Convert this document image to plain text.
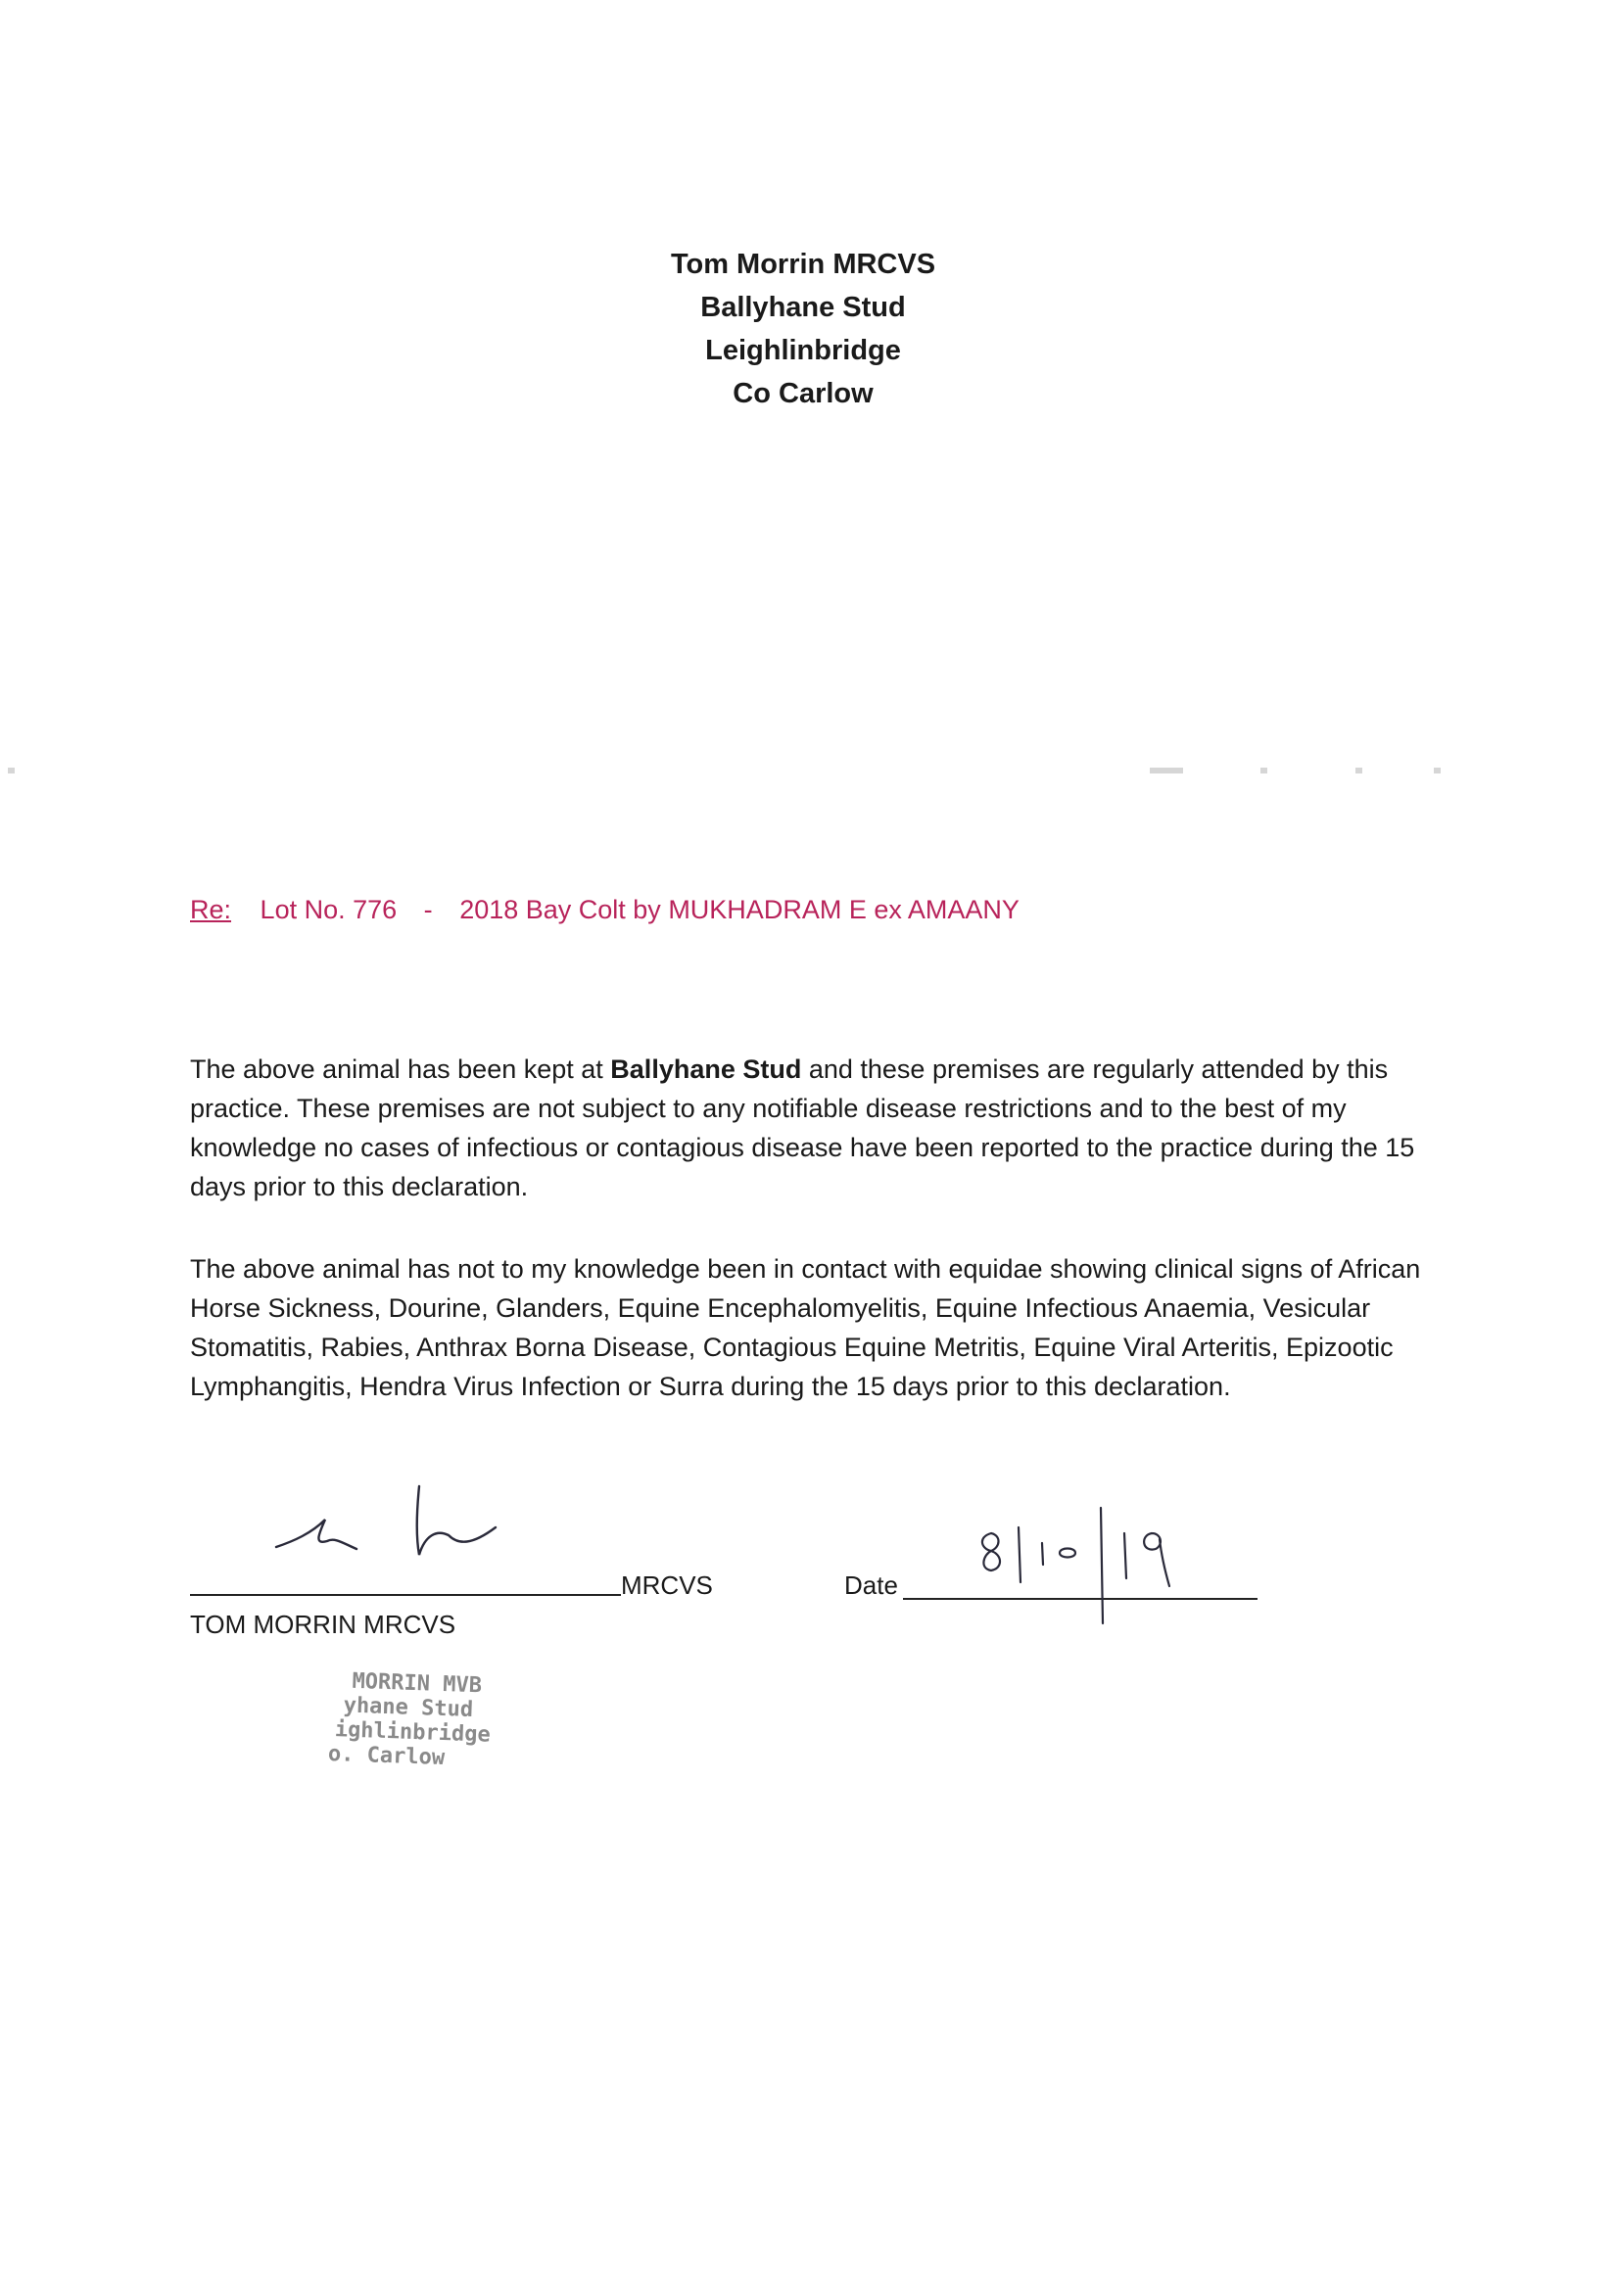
Tom Morrin MRCVS
Ballyhane Stud
Leighlinbridge
Co Carlow
Re: Lot No. 776 - 2018 Bay Colt by MUKHADRAM E ex AMAANY
The above animal has been kept at Ballyhane Stud and these premises are regularly attended by this practice. These premises are not subject to any notifiable disease restrictions and to the best of my knowledge no cases of infectious or contagious disease have been reported to the practice during the 15 days prior to this declaration.
The above animal has not to my knowledge been in contact with equidae showing clinical signs of African Horse Sickness, Dourine, Glanders, Equine Encephalomyelitis, Equine Infectious Anaemia, Vesicular Stomatitis, Rabies, Anthrax Borna Disease, Contagious Equine Metritis, Equine Viral Arteritis, Epizootic Lymphangitis, Hendra Virus Infection or Surra during the 15 days prior to this declaration.
MRCVS
TOM MORRIN MRCVS
Date
MORRIN MVB
yhane Stud
ighlinbridge
o. Carlow
